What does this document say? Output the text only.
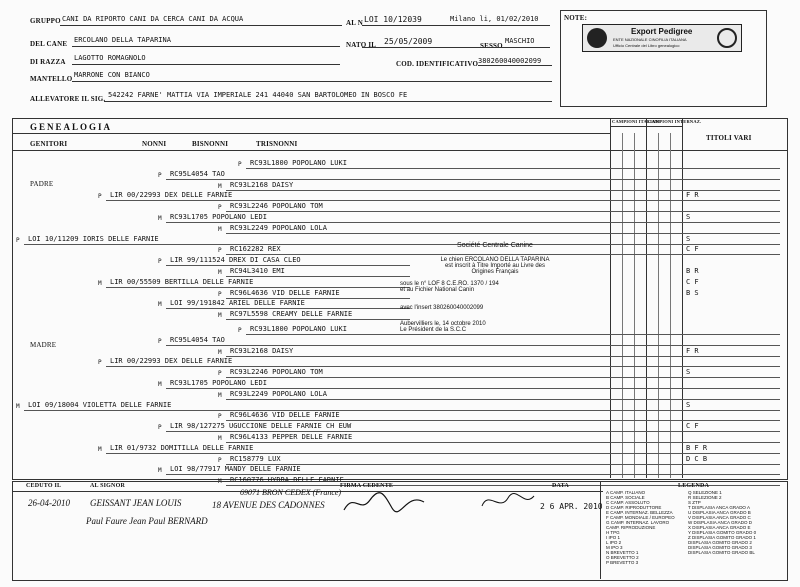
GRUPPO CANI DA RIPORTO CANI DA CERCA CANI DA ACQUA	AL N LOI 10/12039	Milano li, 01/02/2010
DEL CANE ERCOLANO DELLA TAPARINA
NATO IL 25/05/2009	SESSO
MASCHIO
DI RAZZA LAGOTTO ROMAGNOLO
COD. IDENTIFICATIVO 380260040002099
MANTELLO MARRONE CON BIANCO
ALLEVATORE IL SIG. 542242 FARNE' MATTIA VIA IMPERIALE 241 44040 SAN BARTOLOMEO IN BOSCO FE
NOTE:
Export Pedigree
ENTE NAZIONALE CINOFILIA ITALIANA
Ufficio Centrale del Libro genealogico
GENEALOGIA
GENITORI	NONNI	BISNONNI	TRISNONNI
CAMPIONI ITALIANI
CAMPIONI INTERNAZ.
TITOLI VARI
PADRE
MADRE
P RC93L1800 POPOLANO LUKI
P RC95L4054 TAO
M RC93L2168 DAISY
P LIR 00/22993 DEX DELLE FARNIE	F R
P RC93L2246 POPOLANO TOM
M RC93L1705 POPOLANO LEDI	S
M RC93L2249 POPOLANO LOLA
P LOI 10/11209 IORIS DELLE FARNIE	S
P RC162282 REX	C F
P LIR 99/111524 DREX DI CASA CLEO
M RC94L3410 EMI	B R
M LIR 00/55509 BERTILLA DELLE FARNIE	C F
P RC96L4636 VID DELLE FARNIE	B S
M LOI 99/191842 ARIEL DELLE FARNIE
M RC97L5598 CREAMY DELLE FARNIE
P RC93L1800 POPOLANO LUKI
P RC95L4054 TAO
M RC93L2168 DAISY	F R
P LIR 00/22993 DEX DELLE FARNIE
P RC93L2246 POPOLANO TOM	S
M RC93L1705 POPOLANO LEDI
M RC93L2249 POPOLANO LOLA
M LOI 09/18004 VIOLETTA DELLE FARNIE	S
P RC96L4636 VID DELLE FARNIE
P LIR 98/127275 UGUCCIONE DELLE FARNIE CH EUW	C F
M RC96L4133 PEPPER DELLE FARNIE
M LIR 01/9732 DOMITILLA DELLE FARNIE	B F R
P RC158779 LUX	D C B
M LOI 98/77917 MANDY DELLE FARNIE
M RC160776 HYDRA DELLE FARNIE
Société Centrale Canine
Le chien ERCOLANO DELLA TAPARINA
est inscrit à Titre Importé au Livre des
Origines Français
sous le n° LOF 8 C.E.RO. 1370 / 194
et au Fichier National Canin
avec l'insert 380260040002099
Aubervilliers le, 14 octobre 2010
Le Président de la S.C.C
CEDUTO IL	AL SIGNOR	FIRMA CEDENTE	DATA	LEGENDA
26-04-2010 GEISSANT JEAN LOUIS	18 AVENUE DES CADONNES
69071 BRON CEDEX (France)
Paul Faure Jean Paul BERNARD
2 6 APR. 2010
A CAMP. ITALIANO
B CAMP. SOCIALE
C CAMP. ASSOLUTO
D CAMP. RIPRODUTTORE
E CAMP. INTERNAZ. BELLEZZA
F CAMP. MONDIALE / EUROPEO
G CAMP. INTERNAZ. LAVORO
CAMP. RIPRODUZIONE
H TPG
I IPO 1
L IPO 2
M IPO 3
N BREVETTO 1
O BREVETTO 2
P BREVETTO 3
Q SELEZIONE 1
R SELEZIONE 2
S ZTP
T DISPLASIA ANCA GRADO A
U DISPLASIA ANCA GRADO B
V DISPLASIA ANCA GRADO C
W DISPLASIA ANCA GRADO D
X DISPLASIA ANCA GRADO E
Y DISPLASIA GOMITO GRADO 0
Z DISPLASIA GOMITO GRADO 1
DISPLASIA GOMITO GRADO 2
DISPLASIA GOMITO GRADO 3
DISPLASIA GOMITO GRADO BL
